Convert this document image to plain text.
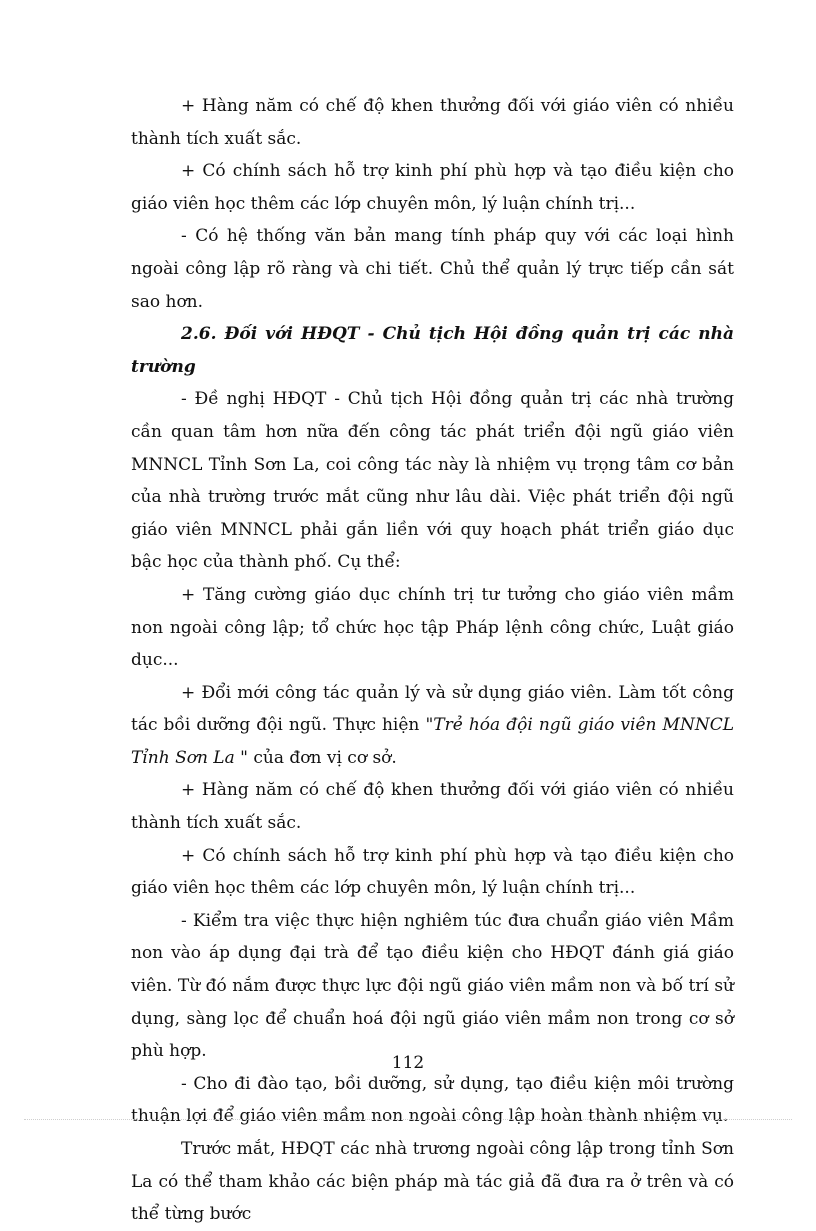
+ Hàng năm có chế độ khen thưởng đối với giáo viên có nhiều thành tích xuất sắc.

+ Có chính sách hỗ trợ kinh phí phù hợp và tạo điều kiện cho giáo viên học thêm các lớp chuyên môn, lý luận chính trị...

- Có hệ thống văn bản mang tính pháp quy với các loại hình ngoài công lập rõ ràng và chi tiết. Chủ thể quản lý trực tiếp cần sát sao hơn.

2.6. Đối với HĐQT - Chủ tịch Hội đồng quản trị các nhà trường

- Đề nghị HĐQT - Chủ tịch Hội đồng quản trị các nhà trường cần quan tâm hơn nữa đến công tác phát triển đội ngũ giáo viên MNNCL Tỉnh Sơn La, coi công tác này là nhiệm vụ trọng tâm cơ bản của nhà trường trước mắt cũng như lâu dài. Việc phát triển đội ngũ giáo viên MNNCL phải gắn liền với quy hoạch phát triển giáo dục bậc học của thành phố. Cụ thể:

+ Tăng cường giáo dục chính trị tư tưởng cho giáo viên mầm non ngoài công lập; tổ chức học tập Pháp lệnh công chức, Luật giáo dục...

+ Đổi mới công tác quản lý và sử dụng giáo viên. Làm tốt công tác bồi dưỡng đội ngũ. Thực hiện "Trẻ hóa đội ngũ giáo viên MNNCL Tỉnh Sơn La " của đơn vị cơ sở.

+ Hàng năm có chế độ khen thưởng đối với giáo viên có nhiều thành tích xuất sắc.

+ Có chính sách hỗ trợ kinh phí phù hợp và tạo điều kiện cho giáo viên học thêm các lớp chuyên môn, lý luận chính trị...

- Kiểm tra việc thực hiện nghiêm túc đưa chuẩn giáo viên Mầm non vào áp dụng đại trà để tạo điều kiện cho HĐQT đánh giá giáo viên. Từ đó nắm được thực lực đội ngũ giáo viên mầm non và bố trí sử dụng, sàng lọc để chuẩn hoá đội ngũ giáo viên mầm non trong cơ sở phù hợp.

- Cho đi đào tạo, bồi dưỡng, sử dụng, tạo điều kiện môi trường thuận lợi để giáo viên mầm non ngoài công lập hoàn thành nhiệm vụ.

Trước mắt, HĐQT các nhà trương ngoài công lập trong tỉnh Sơn La có thể tham khảo các biện pháp mà tác giả đã đưa ra ở trên và có thể từng bước

112
